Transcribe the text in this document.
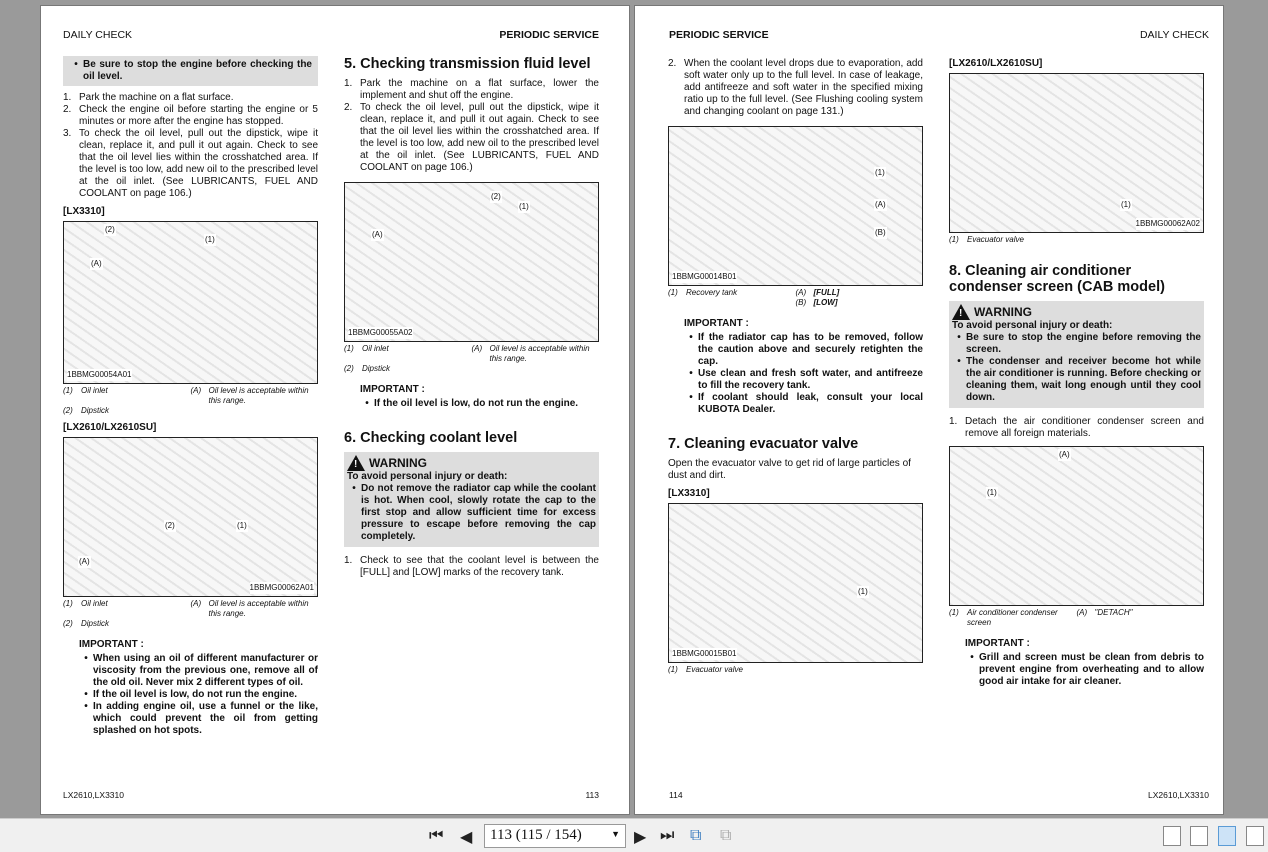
DAILY CHECK	PERIODIC SERVICE
• Be sure to stop the engine before checking the oil level.
1. Park the machine on a flat surface.
2. Check the engine oil before starting the engine or 5 minutes or more after the engine has stopped.
3. To check the oil level, pull out the dipstick, wipe it clean, replace it, and pull it out again. Check to see that the oil level lies within the crosshatched area. If the level is too low, add new oil to the prescribed level at the oil inlet. (See LUBRICANTS, FUEL AND COOLANT on page 106.)
[LX3310]
(2)
(1)
(A)
1BBMG00054A01
(1)	Oil inlet	(A) Oil level is acceptable within this range.
(2)	Dipstick
[LX2610/LX2610SU]
(2)	(1)
(A)
1BBMG00062A01
(1)	Oil inlet	(A) Oil level is acceptable within this range.
(2)	Dipstick
IMPORTANT :
• When using an oil of different manufacturer or viscosity from the previous one, remove all of the old oil. Never mix 2 different types of oil.
• If the oil level is low, do not run the engine.
• In adding engine oil, use a funnel or the like, which could prevent the oil from getting splashed on hot spots.
5. Checking transmission fluid level
1. Park the machine on a flat surface, lower the implement and shut off the engine.
2. To check the oil level, pull out the dipstick, wipe it clean, replace it, and pull it out again. Check to see that the oil level lies within the crosshatched area. If the level is too low, add new oil to the prescribed level at the oil inlet. (See LUBRICANTS, FUEL AND COOLANT on page 106.)
(2)
(1)
(A)
1BBMG00055A02
(1)	Oil inlet	(A) Oil level is acceptable within this range.
(2)	Dipstick
IMPORTANT :
• If the oil level is low, do not run the engine.
6. Checking coolant level
!
WARNING
To avoid personal injury or death:
• Do not remove the radiator cap while the coolant is hot. When cool, slowly rotate the cap to the first stop and allow sufficient time for excess pressure to escape before removing the cap completely.
1. Check to see that the coolant level is between the [FULL] and [LOW] marks of the recovery tank.
LX2610,LX3310	113
PERIODIC SERVICE	DAILY CHECK
2. When the coolant level drops due to evaporation, add soft water only up to the full level. In case of leakage, add antifreeze and soft water in the specified mixing ratio up to the full level. (See Flushing cooling system and changing coolant on page 131.)
(1)
(A)
(B)
1BBMG00014B01
(1)	Recovery tank	(A) [FULL]
(B) [LOW]
IMPORTANT :
• If the radiator cap has to be removed, follow the caution above and securely retighten the cap.
• Use clean and fresh soft water, and antifreeze to fill the recovery tank.
• If coolant should leak, consult your local KUBOTA Dealer.
7. Cleaning evacuator valve
Open the evacuator valve to get rid of large particles of dust and dirt.
[LX3310]
(1)
1BBMG00015B01
(1)	Evacuator valve
[LX2610/LX2610SU]
(1)
1BBMG00062A02
(1)	Evacuator valve
8. Cleaning air conditioner condenser screen (CAB model)
!
WARNING
To avoid personal injury or death:
• Be sure to stop the engine before removing the screen.
• The condenser and receiver become hot while the air conditioner is running. Before checking or cleaning them, wait long enough until they cool down.
1. Detach the air conditioner condenser screen and remove all foreign materials.
(1)
(A)
(1)	Air conditioner condenser screen
(A) "DETACH"
IMPORTANT :
• Grill and screen must be clean from debris to prevent engine from overheating and to allow good air intake for air cleaner.
114	LX2610,LX3310
⏮ ◀	113 (115 / 154)	▼ ▶ ⏭ ⧉ ⧉
